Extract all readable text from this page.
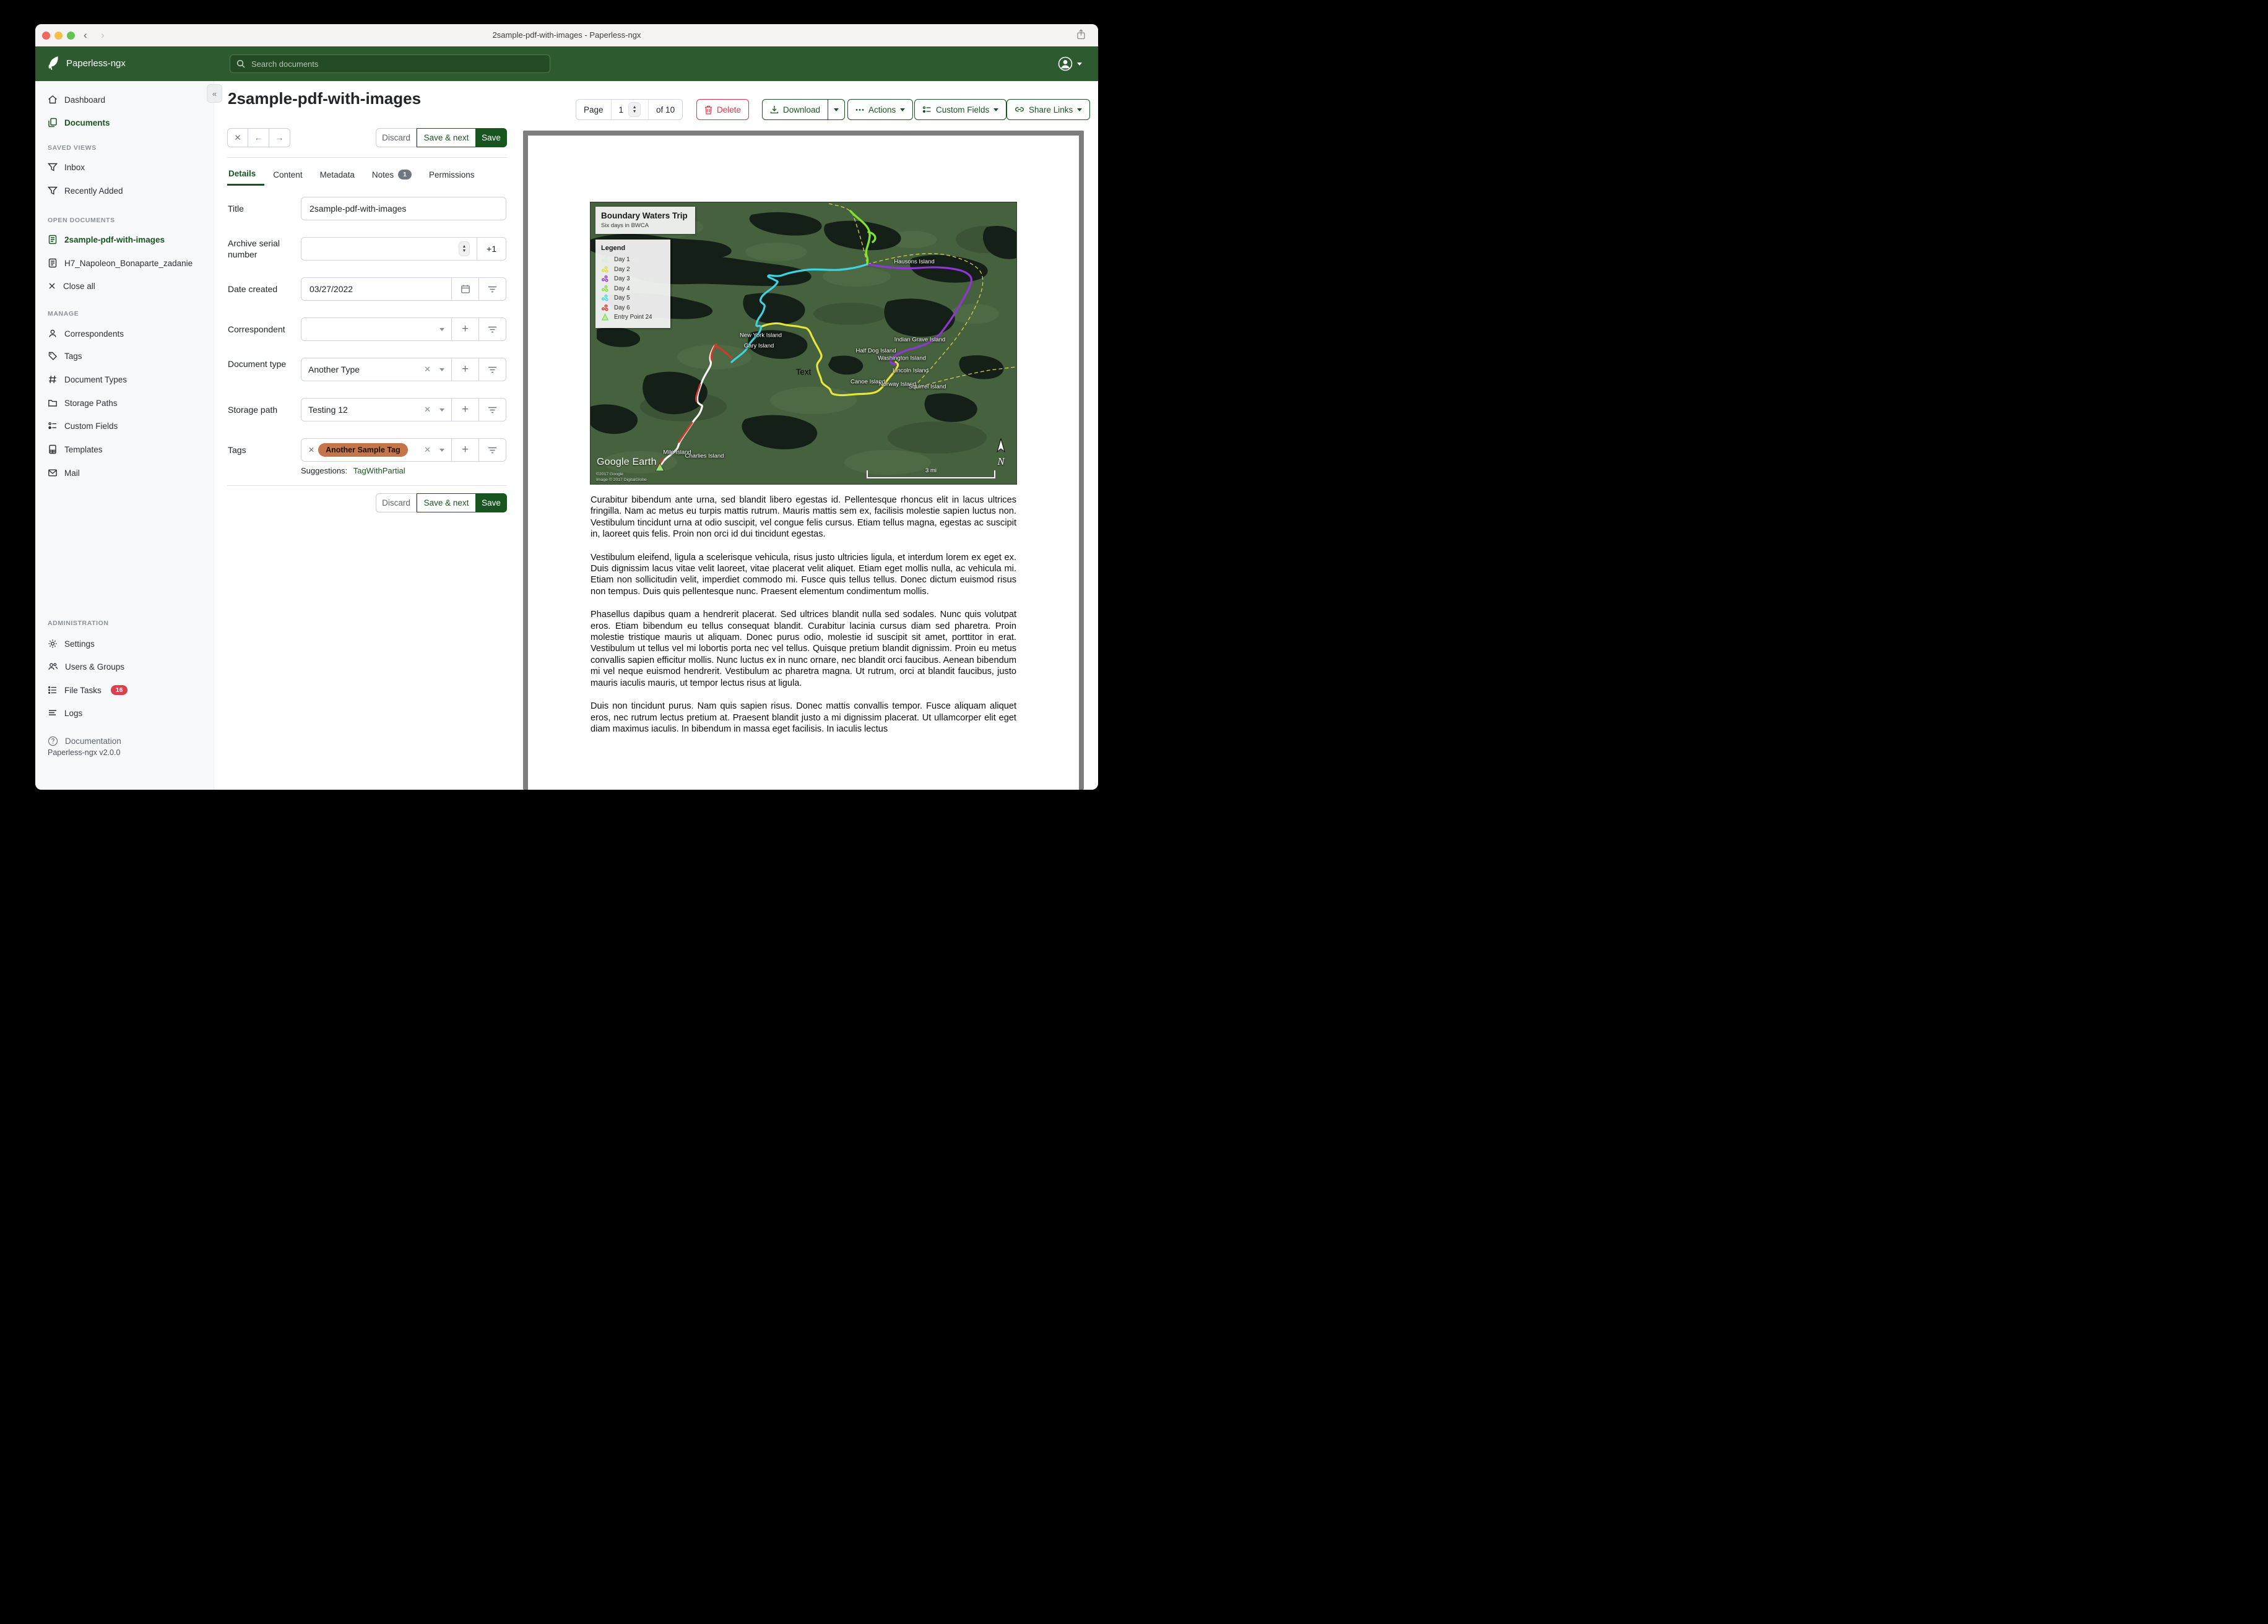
‹ ›	2sample-pdf-with-images - Paperless-ngx
Paperless-ngx
Search documents
«
Dashboard
Documents
SAVED VIEWS
Inbox
Recently Added
OPEN DOCUMENTS
2sample-pdf-with-images
H7_Napoleon_Bonaparte_zadanie
Close all
MANAGE
Correspondents
Tags
Document Types
Storage Paths
Custom Fields
Templates
Mail
ADMINISTRATION
Settings
Users & Groups
File Tasks	16
Logs
Documentation
Paperless-ngx v2.0.0
2sample-pdf-with-images
Page	1 ▲
▼	of 10	Delete	Download	Actions	Custom Fields	Share Links
✕	←	→	Discard	Save & next	Save
Details Content Metadata Notes	1	Permissions
Title
2sample-pdf-with-images
Archive serial number
▲
▼	+1
Date created
03/27/2022
Correspondent	+
Document type
Another Type	✕	+
Storage path	Testing 12	✕	+
Tags	✕	Another Sample Tag	✕	+
Suggestions: TagWithPartial
Discard	Save & next	Save
Boundary Waters Trip
Six days in BWCA
Legend
Day 1
Day 2
Day 3
Day 4
Day 5
Day 6
Entry Point 24
Hausons Island
New York Island
Gary Island
Indian Grave Island
Half Dog Island
Washington Island
Lincoln Island
Canoe Island
Norway Island
Squirrel Island
Mile Island
Charlies Island
Text
Google Earth
©2017 Google
Image © 2017 DigitalGlobe
3 mi
N

Curabitur bibendum ante urna, sed blandit libero egestas id. Pellentesque rhoncus elit in lacus ultrices fringilla. Nam ac metus eu turpis mattis rutrum. Mauris mattis sem ex, facilisis molestie sapien luctus non. Vestibulum tincidunt urna at odio suscipit, vel congue felis cursus. Etiam tellus magna, egestas ac suscipit in, laoreet quis felis. Proin non orci id dui tincidunt egestas.

Vestibulum eleifend, ligula a scelerisque vehicula, risus justo ultricies ligula, et interdum lorem ex eget ex. Duis dignissim lacus vitae velit laoreet, vitae placerat velit aliquet. Etiam eget mollis nulla, ac vehicula mi. Etiam non sollicitudin velit, imperdiet commodo mi. Fusce quis tellus tellus. Donec dictum euismod risus non tempus. Duis quis pellentesque nunc. Praesent elementum condimentum mollis.

Phasellus dapibus quam a hendrerit placerat. Sed ultrices blandit nulla sed sodales. Nunc quis volutpat eros. Etiam bibendum eu tellus consequat blandit. Curabitur lacinia cursus diam sed pharetra. Proin molestie tristique mauris ut aliquam. Donec purus odio, molestie id suscipit sit amet, porttitor in erat. Vestibulum ut tellus vel mi lobortis porta nec vel tellus. Quisque pretium blandit dignissim. Proin eu metus convallis sapien efficitur mollis. Nunc luctus ex in nunc ornare, nec blandit orci faucibus. Aenean bibendum mi vel neque euismod hendrerit. Vestibulum ac pharetra magna. Ut rutrum, orci at blandit faucibus, justo mauris iaculis mauris, ut tempor lectus risus at ligula.

Duis non tincidunt purus. Nam quis sapien risus. Donec mattis convallis tempor. Fusce aliquam aliquet eros, nec rutrum lectus pretium at. Praesent blandit justo a mi dignissim placerat. Ut ullamcorper elit eget diam maximus iaculis. In bibendum in massa eget facilisis. In iaculis lectus
